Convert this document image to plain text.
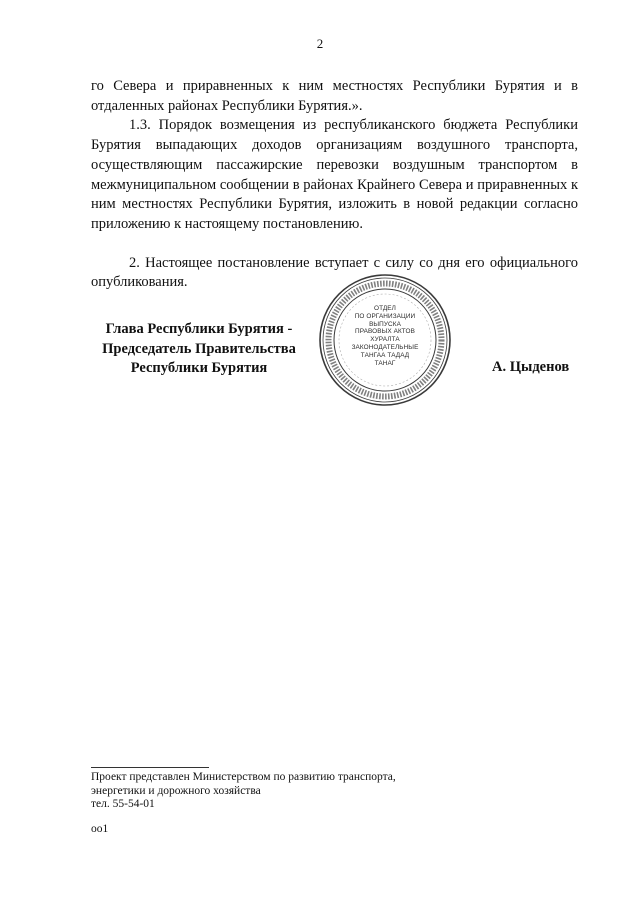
2

го Севера и приравненных к ним местностях Республики Бурятия и в отдаленных районах Республики Бурятия.».

1.3. Порядок возмещения из республиканского бюджета Республики Бурятия выпадающих доходов организациям воздушного транспорта, осуществляющим пассажирские перевозки воздушным транспортом в межмуниципальном сообщении в районах Крайнего Севера и приравненных к ним местностях Республики Бурятия, изложить в новой редакции согласно приложению к настоящему постановлению.

2. Настоящее постановление вступает с силу со дня его официального опубликования.

Глава Республики Бурятия -
Председатель Правительства
Республики Бурятия
ОТДЕЛ
ПО ОРГАНИЗАЦИИ
ВЫПУСКА
ПРАВОВЫХ АКТОВ
ХУРАЛТА
ЗАКОНОДАТЕЛЬНЫЕ
ТАНГАА ТАДАД
ТАНАГ	А. Цыденов
Проект представлен Министерством по развитию транспорта,
энергетики и дорожного хозяйства
тел. 55-54-01
oo1
